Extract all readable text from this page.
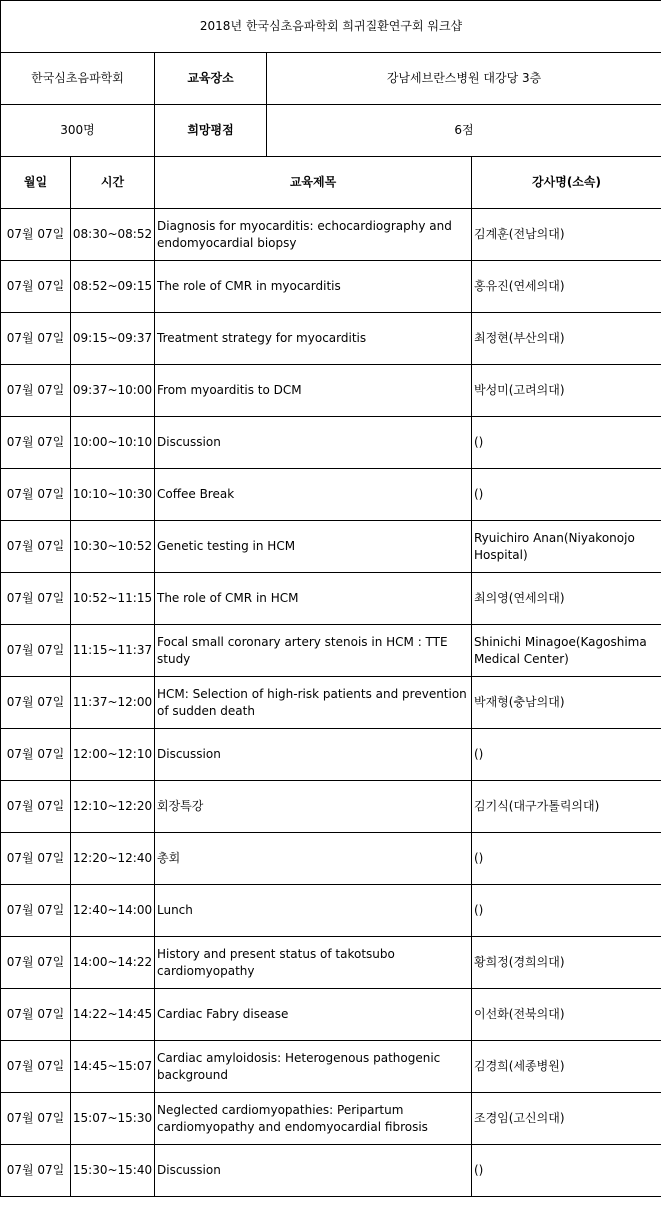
2018년 한국심초음파학회 희귀질환연구회 워크샵				
한국심초음파학회		교육장소	강남세브란스병원 대강당 3층	
300명		희망평점	6점	
월일	시간	교육제목		강사명(소속)
07월 07일	08:30~08:52	Diagnosis for myocarditis: echocardiography and endomyocardial biopsy		김계훈(전남의대)
07월 07일	08:52~09:15	The role of CMR in myocarditis		홍유진(연세의대)
07월 07일	09:15~09:37	Treatment strategy for myocarditis		최정현(부산의대)
07월 07일	09:37~10:00	From myoarditis to DCM		박성미(고려의대)
07월 07일	10:00~10:10	Discussion		()
07월 07일	10:10~10:30	Coffee Break		()
07월 07일	10:30~10:52	Genetic testing in HCM		Ryuichiro Anan(Niyakonojo Hospital)
07월 07일	10:52~11:15	The role of CMR in HCM		최의영(연세의대)
07월 07일	11:15~11:37	Focal small coronary artery stenois in HCM : TTE study		Shinichi Minagoe(Kagoshima Medical Center)
07월 07일	11:37~12:00	HCM: Selection of high-risk patients and prevention of sudden death		박재형(충남의대)
07월 07일	12:00~12:10	Discussion		()
07월 07일	12:10~12:20	회장특강		김기식(대구가톨릭의대)
07월 07일	12:20~12:40	총회		()
07월 07일	12:40~14:00	Lunch		()
07월 07일	14:00~14:22	History and present status of takotsubo cardiomyopathy		황희정(경희의대)
07월 07일	14:22~14:45	Cardiac Fabry disease		이선화(전북의대)
07월 07일	14:45~15:07	Cardiac amyloidosis: Heterogenous pathogenic background		김경희(세종병원)
07월 07일	15:07~15:30	Neglected cardiomyopathies: Peripartum cardiomyopathy and endomyocardial fibrosis		조경임(고신의대)
07월 07일	15:30~15:40	Discussion		()
